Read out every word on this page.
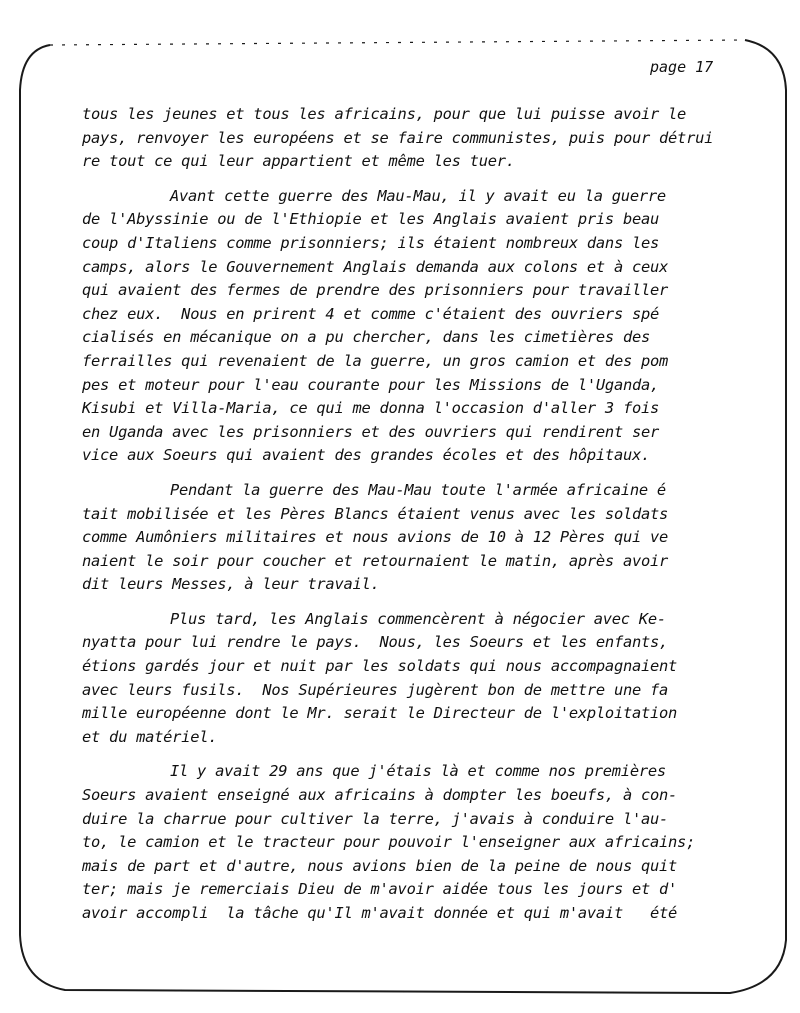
page 17
tous les jeunes et tous les africains, pour que lui puisse avoir le
pays, renvoyer les européens et se faire communistes, puis pour détrui
re tout ce qui leur appartient et même les tuer.
Avant cette guerre des Mau-Mau, il y avait eu la guerre
de l'Abyssinie ou de l'Ethiopie et les Anglais avaient pris beau
coup d'Italiens comme prisonniers; ils étaient nombreux dans les
camps, alors le Gouvernement Anglais demanda aux colons et à ceux
qui avaient des fermes de prendre des prisonniers pour travailler
chez eux.  Nous en prirent 4 et comme c'étaient des ouvriers spé
cialisés en mécanique on a pu chercher, dans les cimetières des
ferrailles qui revenaient de la guerre, un gros camion et des pom
pes et moteur pour l'eau courante pour les Missions de l'Uganda,
Kisubi et Villa-Maria, ce qui me donna l'occasion d'aller 3 fois
en Uganda avec les prisonniers et des ouvriers qui rendirent ser
vice aux Soeurs qui avaient des grandes écoles et des hôpitaux.
Pendant la guerre des Mau-Mau toute l'armée africaine é
tait mobilisée et les Pères Blancs étaient venus avec les soldats
comme Aumôniers militaires et nous avions de 10 à 12 Pères qui ve
naient le soir pour coucher et retournaient le matin, après avoir
dit leurs Messes, à leur travail.
Plus tard, les Anglais commencèrent à négocier avec Ke-
nyatta pour lui rendre le pays.  Nous, les Soeurs et les enfants,
étions gardés jour et nuit par les soldats qui nous accompagnaient
avec leurs fusils.  Nos Supérieures jugèrent bon de mettre une fa
mille européenne dont le Mr. serait le Directeur de l'exploitation
et du matériel.
Il y avait 29 ans que j'étais là et comme nos premières
Soeurs avaient enseigné aux africains à dompter les boeufs, à con-
duire la charrue pour cultiver la terre, j'avais à conduire l'au-
to, le camion et le tracteur pour pouvoir l'enseigner aux africains;
mais de part et d'autre, nous avions bien de la peine de nous quit
ter; mais je remerciais Dieu de m'avoir aidée tous les jours et d'
avoir accompli  la tâche qu'Il m'avait donnée et qui m'avait   été
